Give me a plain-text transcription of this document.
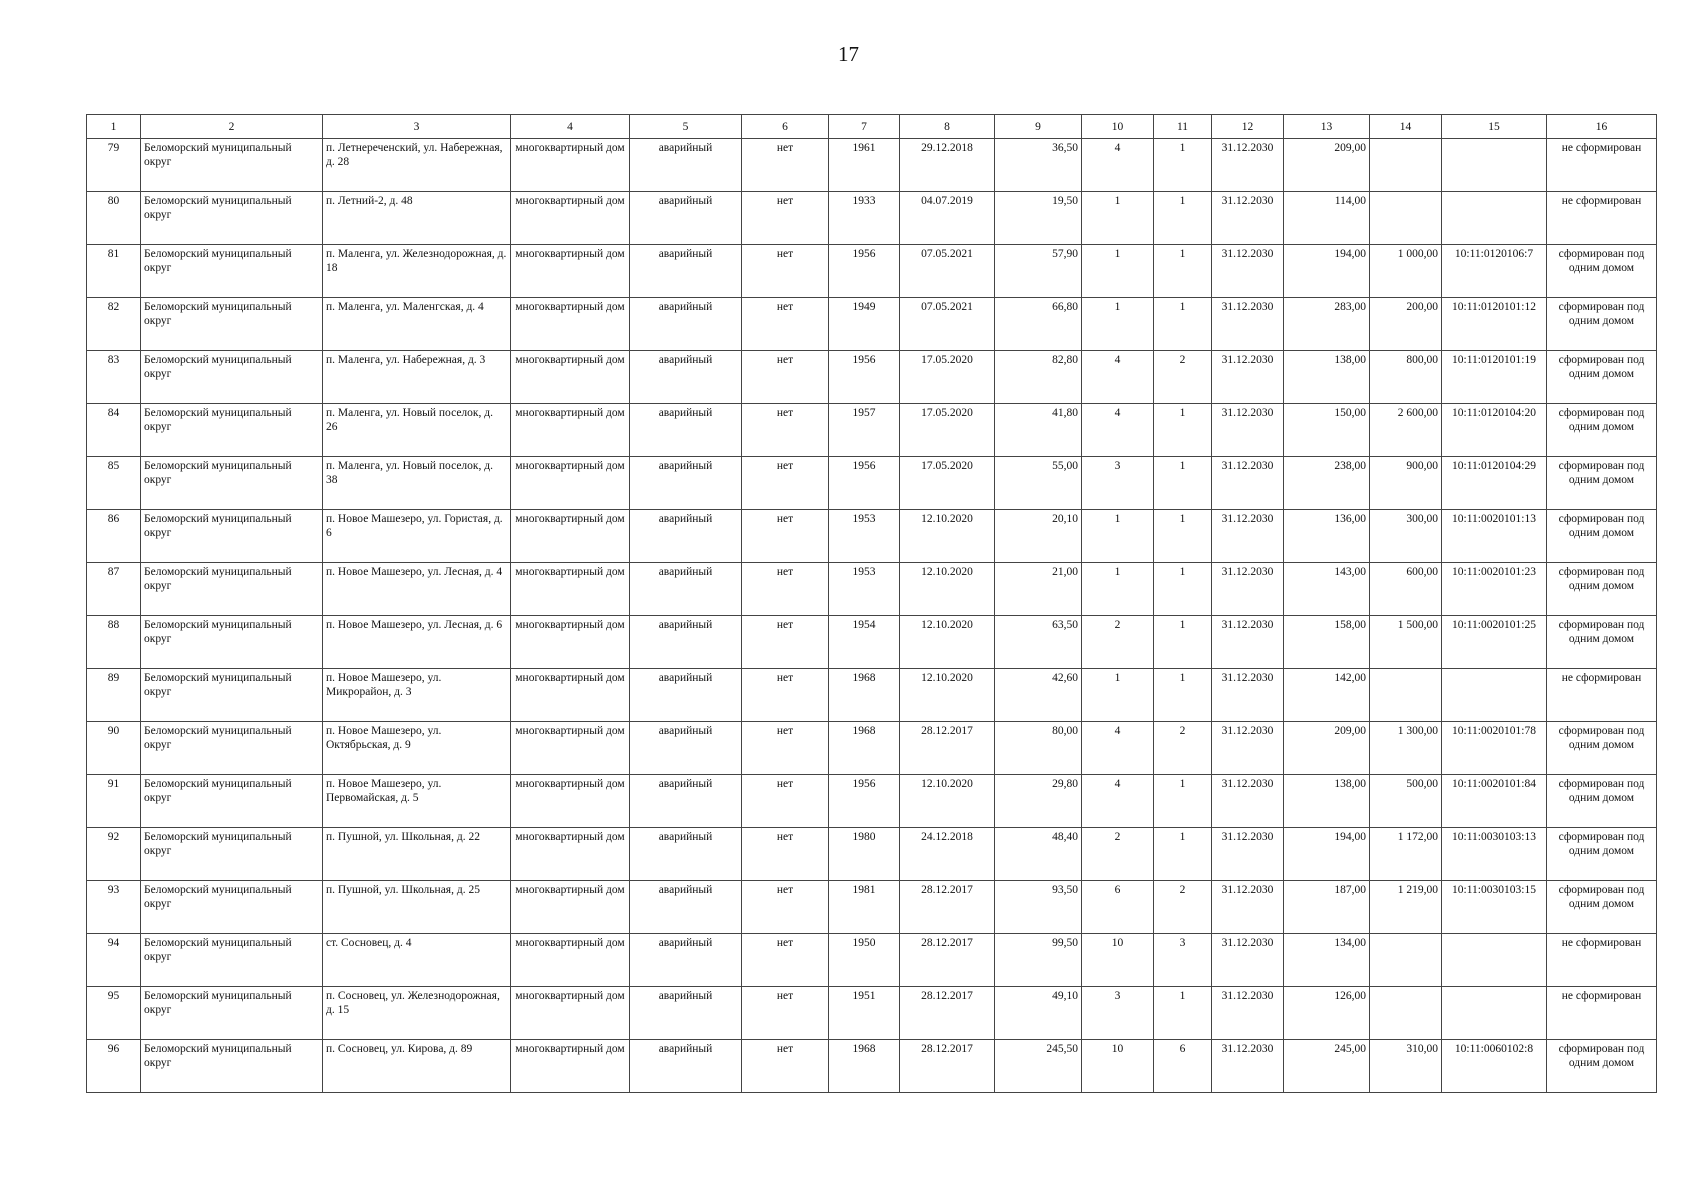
17
1	2	3	4	5	6	7	8	9	10	11	12	13	14	15	16
79	Беломорский муниципальный округ	п. Летнереченский, ул. Набережная, д. 28	многоквартирный дом	аварийный	нет	1961	29.12.2018	36,50	4	1	31.12.2030	209,00			не сформирован
80	Беломорский муниципальный округ	п. Летний-2, д. 48	многоквартирный дом	аварийный	нет	1933	04.07.2019	19,50	1	1	31.12.2030	114,00			не сформирован
81	Беломорский муниципальный округ	п. Маленга, ул. Железнодорожная, д. 18	многоквартирный дом	аварийный	нет	1956	07.05.2021	57,90	1	1	31.12.2030	194,00	1 000,00	10:11:0120106:7	сформирован под одним домом
82	Беломорский муниципальный округ	п. Маленга, ул. Маленгская, д. 4	многоквартирный дом	аварийный	нет	1949	07.05.2021	66,80	1	1	31.12.2030	283,00	200,00	10:11:0120101:12	сформирован под одним домом
83	Беломорский муниципальный округ	п. Маленга, ул. Набережная, д. 3	многоквартирный дом	аварийный	нет	1956	17.05.2020	82,80	4	2	31.12.2030	138,00	800,00	10:11:0120101:19	сформирован под одним домом
84	Беломорский муниципальный округ	п. Маленга, ул. Новый поселок, д. 26	многоквартирный дом	аварийный	нет	1957	17.05.2020	41,80	4	1	31.12.2030	150,00	2 600,00	10:11:0120104:20	сформирован под одним домом
85	Беломорский муниципальный округ	п. Маленга, ул. Новый поселок, д. 38	многоквартирный дом	аварийный	нет	1956	17.05.2020	55,00	3	1	31.12.2030	238,00	900,00	10:11:0120104:29	сформирован под одним домом
86	Беломорский муниципальный округ	п. Новое Машезеро, ул. Гористая, д. 6	многоквартирный дом	аварийный	нет	1953	12.10.2020	20,10	1	1	31.12.2030	136,00	300,00	10:11:0020101:13	сформирован под одним домом
87	Беломорский муниципальный округ	п. Новое Машезеро, ул. Лесная, д. 4	многоквартирный дом	аварийный	нет	1953	12.10.2020	21,00	1	1	31.12.2030	143,00	600,00	10:11:0020101:23	сформирован под одним домом
88	Беломорский муниципальный округ	п. Новое Машезеро, ул. Лесная, д. 6	многоквартирный дом	аварийный	нет	1954	12.10.2020	63,50	2	1	31.12.2030	158,00	1 500,00	10:11:0020101:25	сформирован под одним домом
89	Беломорский муниципальный округ	п. Новое Машезеро, ул. Микрорайон, д. 3	многоквартирный дом	аварийный	нет	1968	12.10.2020	42,60	1	1	31.12.2030	142,00			не сформирован
90	Беломорский муниципальный округ	п. Новое Машезеро, ул. Октябрьская, д. 9	многоквартирный дом	аварийный	нет	1968	28.12.2017	80,00	4	2	31.12.2030	209,00	1 300,00	10:11:0020101:78	сформирован под одним домом
91	Беломорский муниципальный округ	п. Новое Машезеро, ул. Первомайская, д. 5	многоквартирный дом	аварийный	нет	1956	12.10.2020	29,80	4	1	31.12.2030	138,00	500,00	10:11:0020101:84	сформирован под одним домом
92	Беломорский муниципальный округ	п. Пушной, ул. Школьная, д. 22	многоквартирный дом	аварийный	нет	1980	24.12.2018	48,40	2	1	31.12.2030	194,00	1 172,00	10:11:0030103:13	сформирован под одним домом
93	Беломорский муниципальный округ	п. Пушной, ул. Школьная, д. 25	многоквартирный дом	аварийный	нет	1981	28.12.2017	93,50	6	2	31.12.2030	187,00	1 219,00	10:11:0030103:15	сформирован под одним домом
94	Беломорский муниципальный округ	ст. Сосновец, д. 4	многоквартирный дом	аварийный	нет	1950	28.12.2017	99,50	10	3	31.12.2030	134,00			не сформирован
95	Беломорский муниципальный округ	п. Сосновец, ул. Железнодорожная, д. 15	многоквартирный дом	аварийный	нет	1951	28.12.2017	49,10	3	1	31.12.2030	126,00			не сформирован
96	Беломорский муниципальный округ	п. Сосновец, ул. Кирова, д. 89	многоквартирный дом	аварийный	нет	1968	28.12.2017	245,50	10	6	31.12.2030	245,00	310,00	10:11:0060102:8	сформирован под одним домом
